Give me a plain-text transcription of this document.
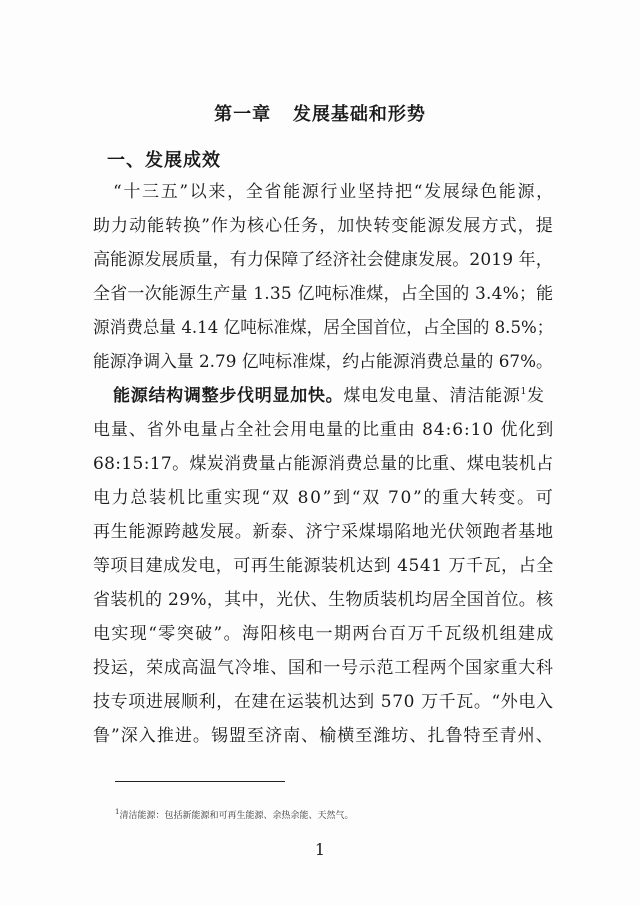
第一章   发展基础和形势
一、发展成效
“十三五”以来，全省能源行业坚持把“发展绿色能源，
助力动能转换”作为核心任务，加快转变能源发展方式，提
高能源发展质量，有力保障了经济社会健康发展。2019 年，
全省一次能源生产量 1.35 亿吨标准煤，占全国的 3.4%；能
源消费总量 4.14 亿吨标准煤，居全国首位，占全国的 8.5%；
能源净调入量 2.79 亿吨标准煤，约占能源消费总量的 67%。
能源结构调整步伐明显加快。煤电发电量、清洁能源$^1$发
电量、省外电量占全社会用电量的比重由 84:6:10 优化到
68:15:17。煤炭消费量占能源消费总量的比重、煤电装机占
电力总装机比重实现“双 80”到“双 70”的重大转变。可
再生能源跨越发展。新泰、济宁采煤塌陷地光伏领跑者基地
等项目建成发电，可再生能源装机达到 4541 万千瓦，占全
省装机的 29%，其中，光伏、生物质装机均居全国首位。核
电实现“零突破”。海阳核电一期两台百万千瓦级机组建成
投运，荣成高温气冷堆、国和一号示范工程两个国家重大科
技专项进展顺利，在建在运装机达到 570 万千瓦。“外电入
鲁”深入推进。锡盟至济南、榆横至潍坊、扎鲁特至青州、
$^1$清洁能源：包括新能源和可再生能源、余热余能、天然气。
1
